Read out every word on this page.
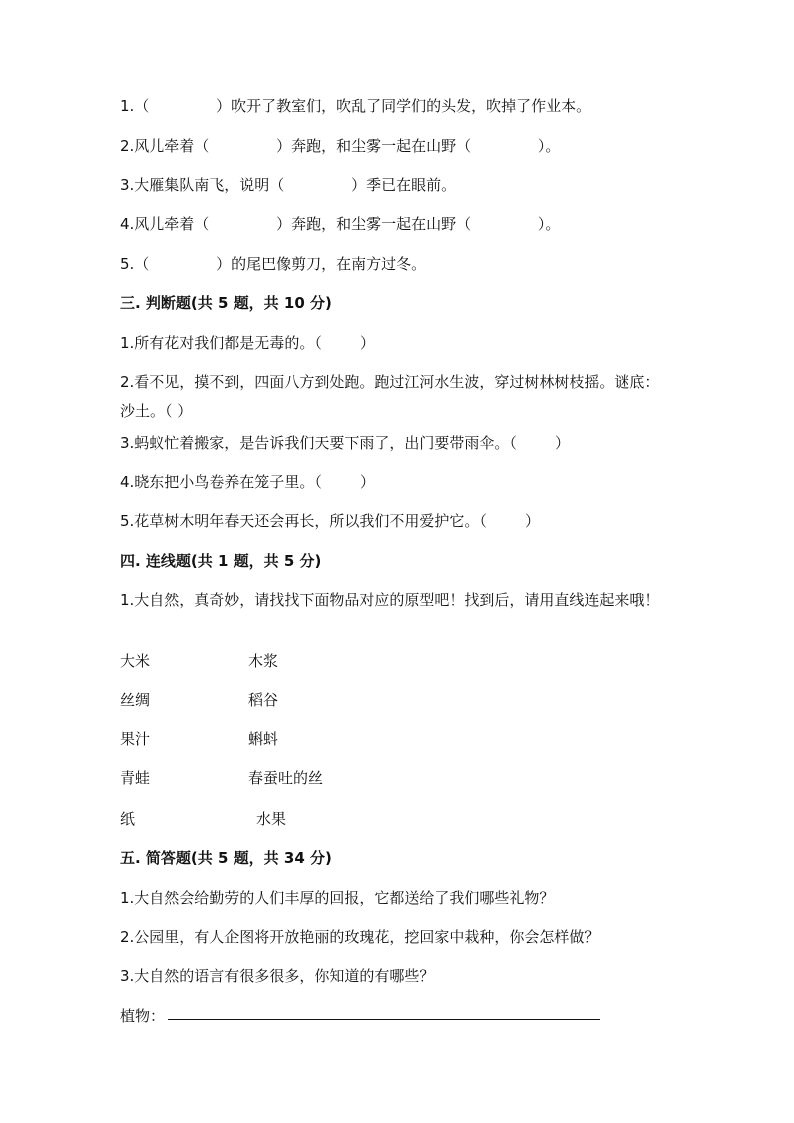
1.（              ）吹开了教室们，吹乱了同学们的头发，吹掉了作业本。
2.风儿牵着（              ）奔跑，和尘雾一起在山野（              ）。
3.大雁集队南飞，说明（              ）季已在眼前。
4.风儿牵着（              ）奔跑，和尘雾一起在山野（              ）。
5.（              ）的尾巴像剪刀，在南方过冬。
三. 判断题(共 5 题，共 10 分)
1.所有花对我们都是无毒的。（        ）
2.看不见，摸不到，四面八方到处跑。跑过江河水生波，穿过树林树枝摇。谜底：沙土。（ ）
3.蚂蚁忙着搬家，是告诉我们天要下雨了，出门要带雨伞。（        ）
4.晓东把小鸟卷养在笼子里。（        ）
5.花草树木明年春天还会再长，所以我们不用爱护它。（        ）
四. 连线题(共 1 题，共 5 分)
1.大自然，真奇妙，请找找下面物品对应的原型吧！找到后，请用直线连起来哦！
大米	木浆
丝绸	稻谷
果汁	蝌蚪
青蛙	春蚕吐的丝
纸	水果
五. 简答题(共 5 题，共 34 分)
1.大自然会给勤劳的人们丰厚的回报，它都送给了我们哪些礼物？
2.公园里，有人企图将开放艳丽的玫瑰花，挖回家中栽种，你会怎样做？
3.大自然的语言有很多很多，你知道的有哪些？
植物：
